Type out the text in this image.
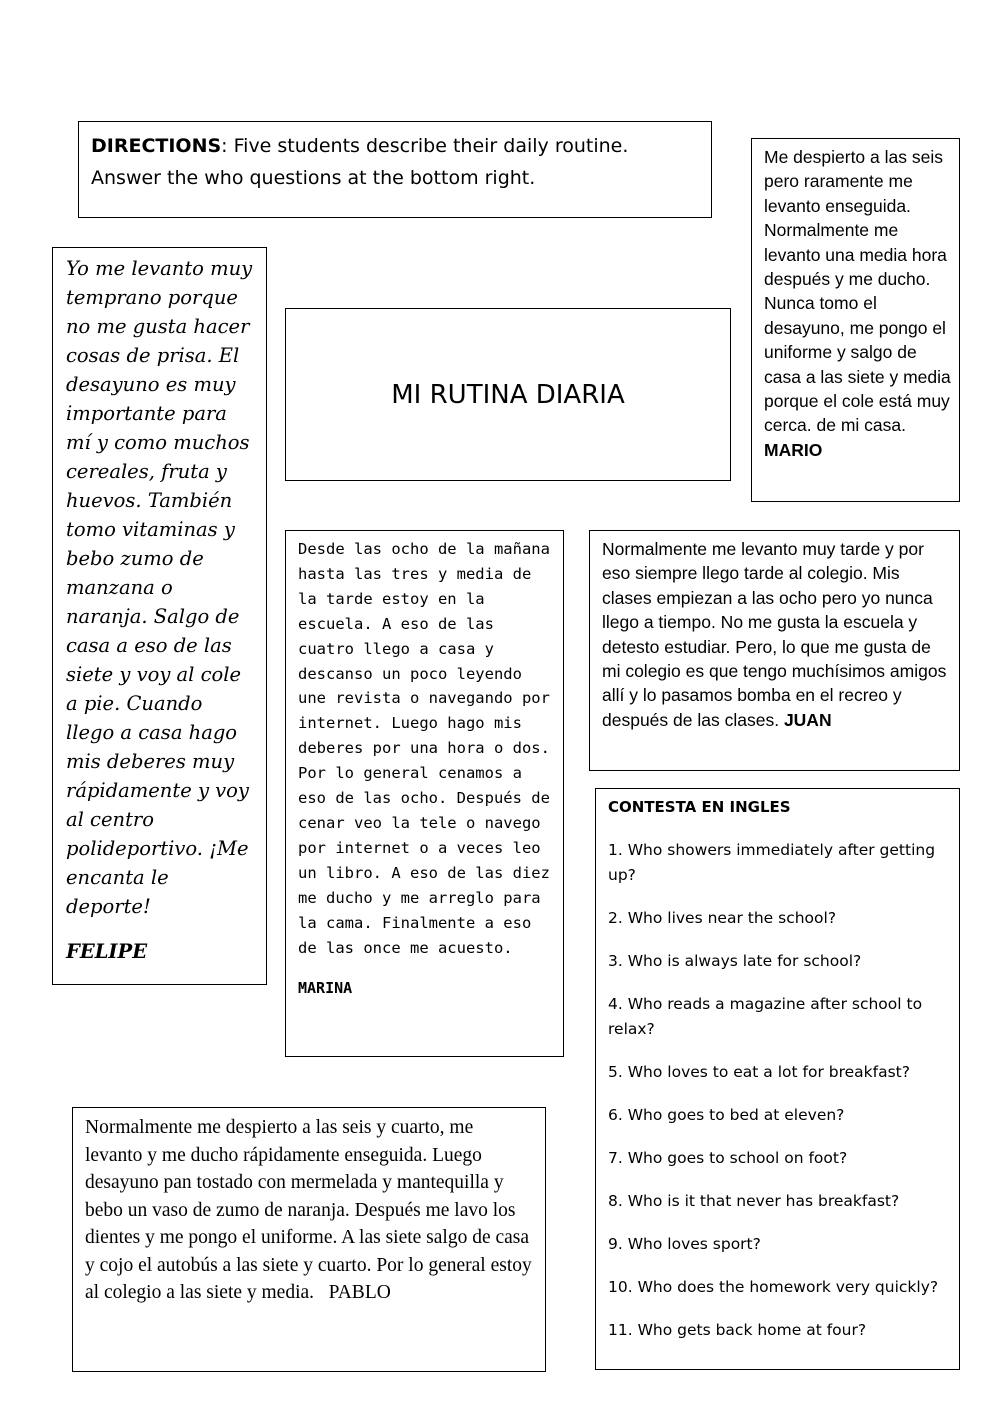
DIRECTIONS: Five students describe their daily routine. Answer the who questions at the bottom right.
Yo me levanto muy temprano porque no me gusta hacer cosas de prisa. El desayuno es muy importante para mí y como muchos cereales, fruta y huevos. También tomo vitaminas y bebo zumo de manzana o naranja. Salgo de casa a eso de las siete y voy al cole a pie. Cuando llego a casa hago mis deberes muy rápidamente y voy al centro polideportivo. ¡Me encanta le deporte!
FELIPE
MI RUTINA DIARIA
Me despierto a las seis pero raramente me levanto enseguida. Normalmente me levanto una media hora después y me ducho. Nunca tomo el desayuno, me pongo el uniforme y salgo de casa a las siete y media porque el cole está muy cerca. de mi casa. MARIO
Desde las ocho de la mañana hasta las tres y media de la tarde estoy en la escuela. A eso de las cuatro llego a casa y descanso un poco leyendo une revista o navegando por internet. Luego hago mis deberes por una hora o dos. Por lo general cenamos a eso de las ocho. Después de cenar veo la tele o navego por internet o a veces leo un libro. A eso de las diez me ducho y me arreglo para la cama. Finalmente a eso de las once me acuesto.
MARINA
Normalmente me levanto muy tarde y por eso siempre llego tarde al colegio. Mis clases empiezan a las ocho pero yo nunca llego a tiempo. No me gusta la escuela y detesto estudiar. Pero, lo que me gusta de mi colegio es que tengo muchísimos amigos allí y lo pasamos bomba en el recreo y después de las clases. JUAN
CONTESTA EN INGLES
1. Who showers immediately after getting up?
2. Who lives near the school?
3. Who is always late for school?
4. Who reads a magazine after school to relax?
5. Who loves to eat a lot for breakfast?
6. Who goes to bed at eleven?
7. Who goes to school on foot?
8. Who is it that never has breakfast?
9. Who loves sport?
10. Who does the homework very quickly?
11. Who gets back home at four?
Normalmente me despierto a las seis y cuarto, me levanto y me ducho rápidamente enseguida. Luego desayuno pan tostado con mermelada y mantequilla y bebo un vaso de zumo de naranja. Después me lavo los dientes y me pongo el uniforme. A las siete salgo de casa y cojo el autobús a las siete y cuarto. Por lo general estoy al colegio a las siete y media. PABLO
